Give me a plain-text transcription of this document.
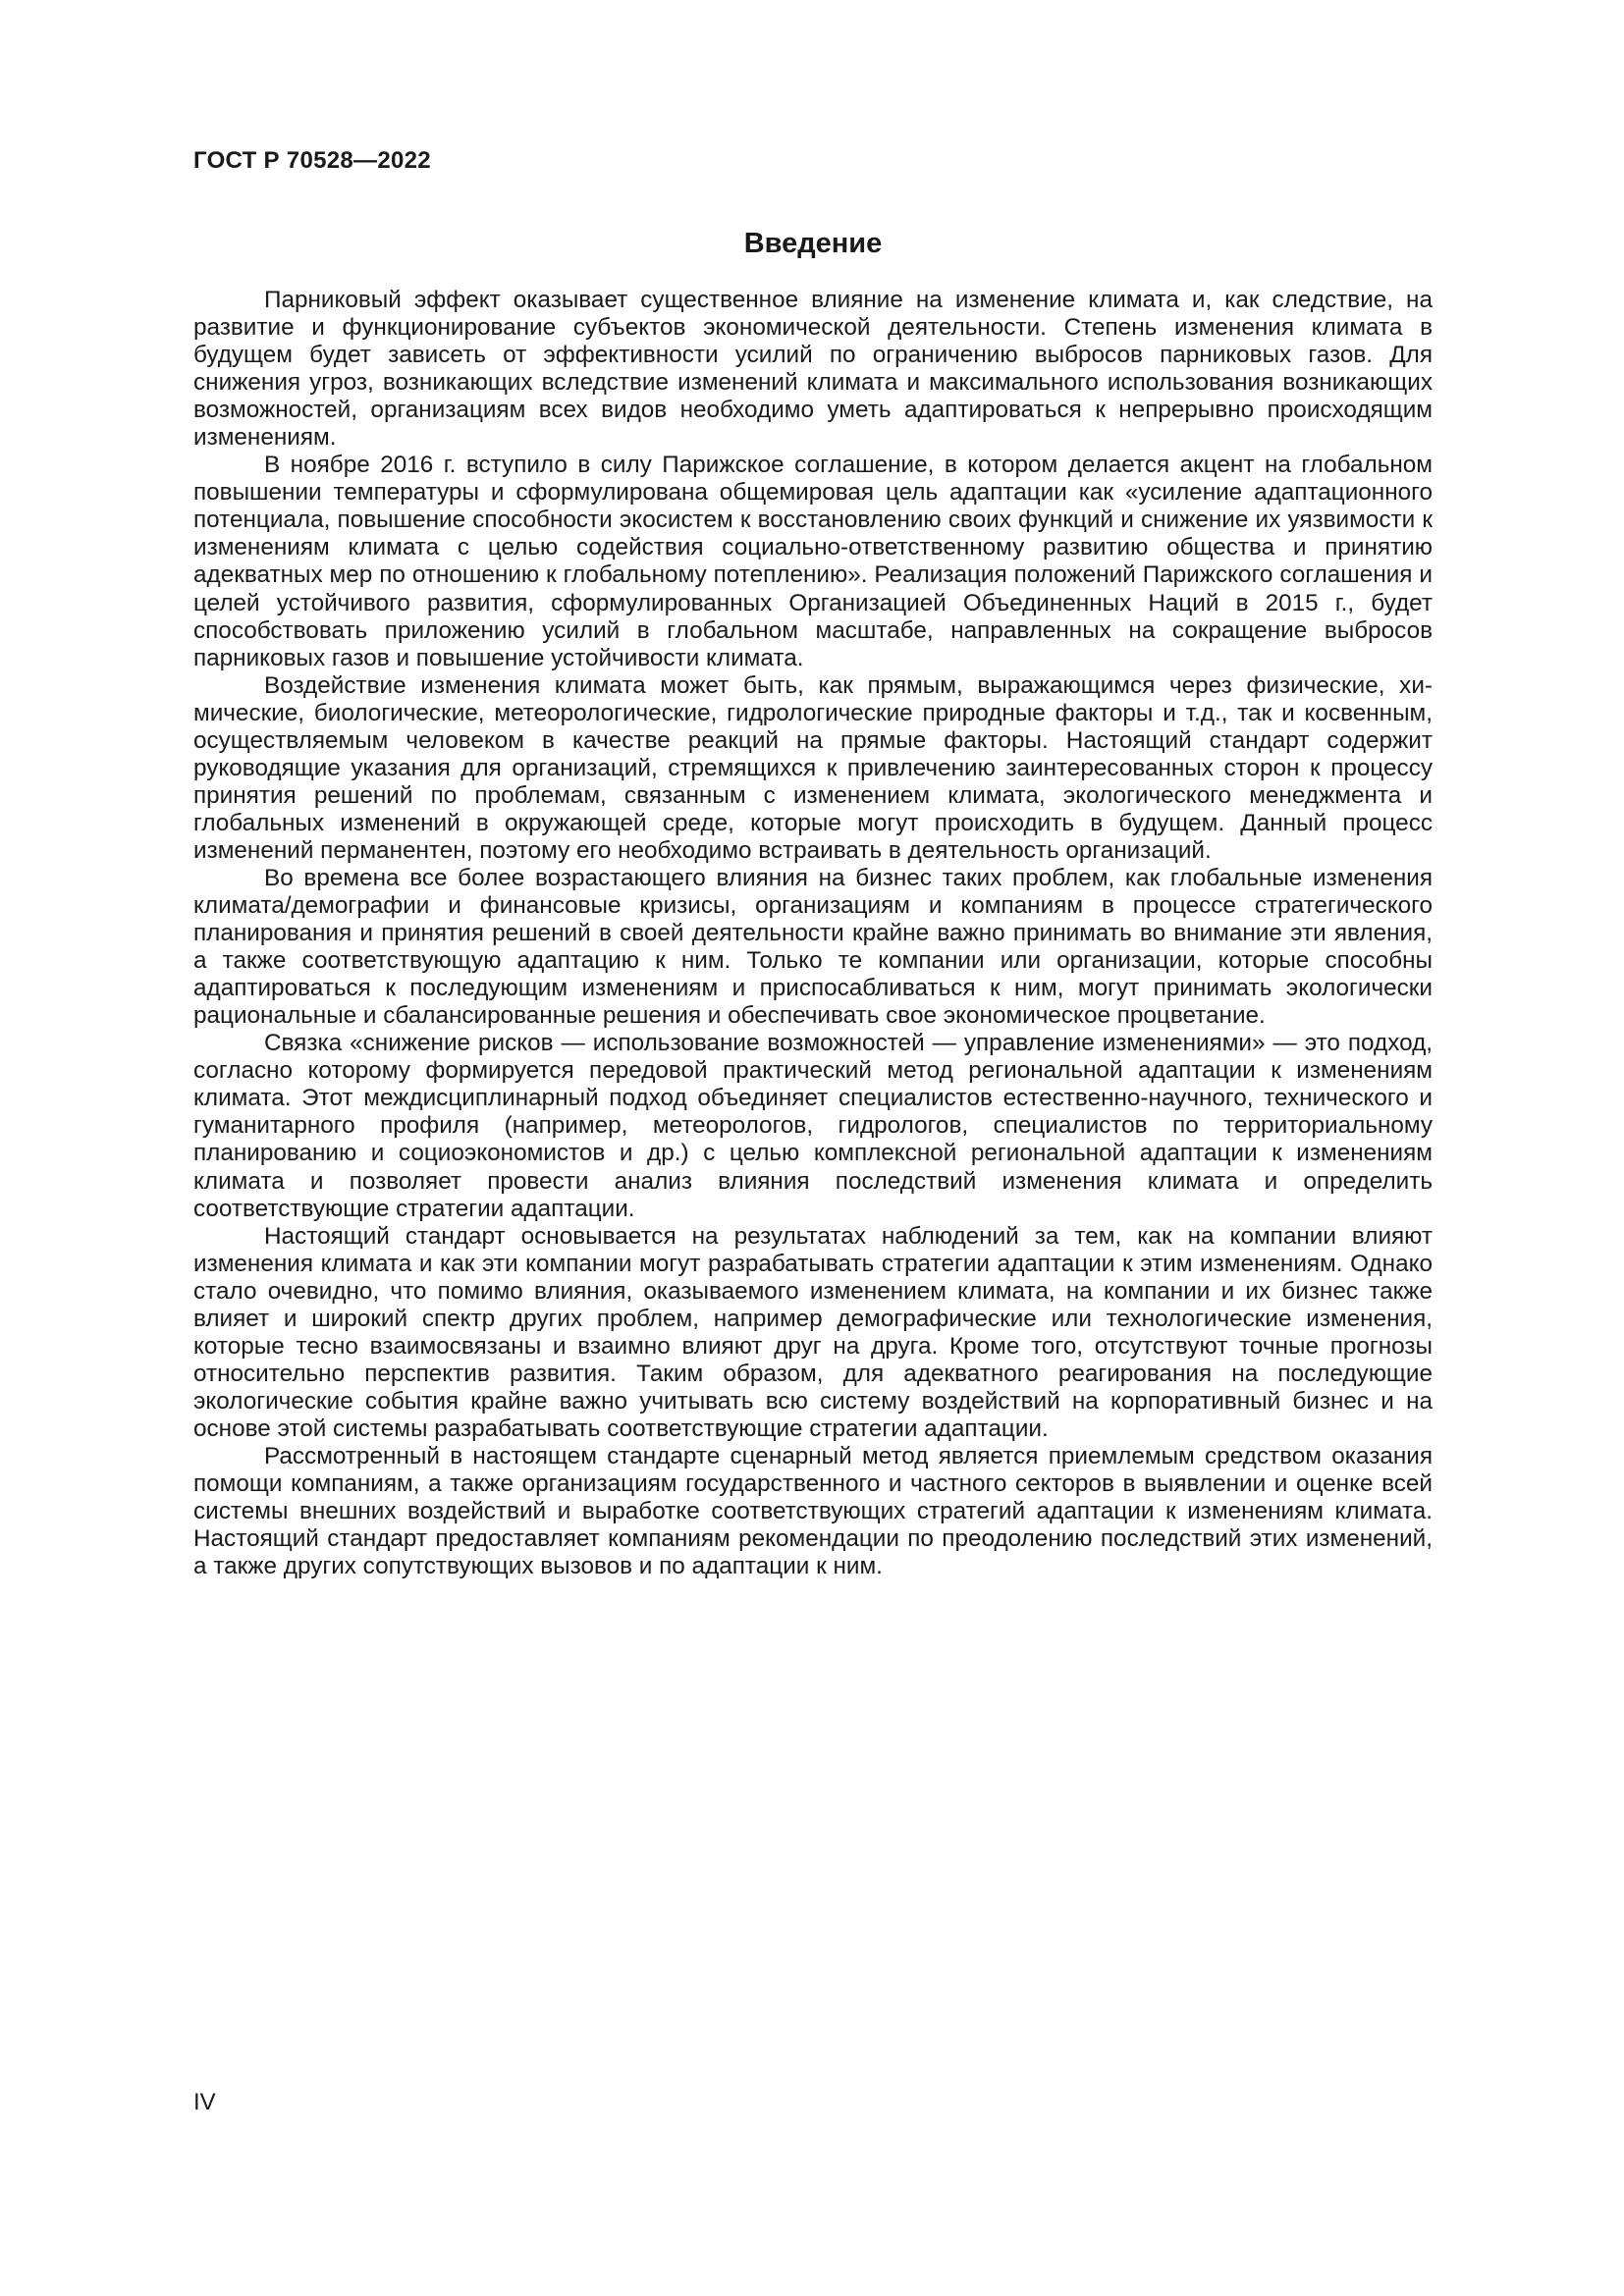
ГОСТ Р 70528—2022
Введение

Парниковый эффект оказывает существенное влияние на изменение климата и, как следствие, на развитие и функционирование субъектов экономической деятельности. Степень изменения климата в будущем будет зависеть от эффективности усилий по ограничению выбросов парниковых газов. Для снижения угроз, возникающих вследствие изменений климата и максимального использования возникающих возможностей, организациям всех видов необходимо уметь адаптироваться к непрерывно происходящим изменениям.

В ноябре 2016 г. вступило в силу Парижское соглашение, в котором делается акцент на глобальном повышении температуры и сформулирована общемировая цель адаптации как «усиление адаптационного потенциала, повышение способности экосистем к восстановлению своих функций и снижение их уязвимости к изменениям климата с целью содействия социально-ответственному развитию общества и принятию адекватных мер по отношению к глобальному потеплению». Реализация положений Парижского соглашения и целей устойчивого развития, сформулированных Организацией Объединенных Наций в 2015 г., будет способствовать приложению усилий в глобальном масштабе, направленных на сокращение выбросов парниковых газов и повышение устойчивости климата.

Воздействие изменения климата может быть, как прямым, выражающимся через физические, химические, биологические, метеорологические, гидрологические природные факторы и т.д., так и косвенным, осуществляемым человеком в качестве реакций на прямые факторы. Настоящий стандарт содержит руководящие указания для организаций, стремящихся к привлечению заинтересованных сторон к процессу принятия решений по проблемам, связанным с изменением климата, экологического менеджмента и глобальных изменений в окружающей среде, которые могут происходить в будущем. Данный процесс изменений перманентен, поэтому его необходимо встраивать в деятельность организаций.

Во времена все более возрастающего влияния на бизнес таких проблем, как глобальные изменения климата/демографии и финансовые кризисы, организациям и компаниям в процессе стратегического планирования и принятия решений в своей деятельности крайне важно принимать во внимание эти явления, а также соответствующую адаптацию к ним. Только те компании или организации, которые способны адаптироваться к последующим изменениям и приспосабливаться к ним, могут принимать экологически рациональные и сбалансированные решения и обеспечивать свое экономическое процветание.

Связка «снижение рисков — использование возможностей — управление изменениями» — это подход, согласно которому формируется передовой практический метод региональной адаптации к изменениям климата. Этот междисциплинарный подход объединяет специалистов естественно-научного, технического и гуманитарного профиля (например, метеорологов, гидрологов, специалистов по территориальному планированию и социоэкономистов и др.) с целью комплексной региональной адаптации к изменениям климата и позволяет провести анализ влияния последствий изменения климата и определить соответствующие стратегии адаптации.

Настоящий стандарт основывается на результатах наблюдений за тем, как на компании влияют изменения климата и как эти компании могут разрабатывать стратегии адаптации к этим изменениям. Однако стало очевидно, что помимо влияния, оказываемого изменением климата, на компании и их бизнес также влияет и широкий спектр других проблем, например демографические или технологические изменения, которые тесно взаимосвязаны и взаимно влияют друг на друга. Кроме того, отсутствуют точные прогнозы относительно перспектив развития. Таким образом, для адекватного реагирования на последующие экологические события крайне важно учитывать всю систему воздействий на корпоративный бизнес и на основе этой системы разрабатывать соответствующие стратегии адаптации.

Рассмотренный в настоящем стандарте сценарный метод является приемлемым средством оказания помощи компаниям, а также организациям государственного и частного секторов в выявлении и оценке всей системы внешних воздействий и выработке соответствующих стратегий адаптации к изменениям климата. Настоящий стандарт предоставляет компаниям рекомендации по преодолению последствий этих изменений, а также других сопутствующих вызовов и по адаптации к ним.

IV
